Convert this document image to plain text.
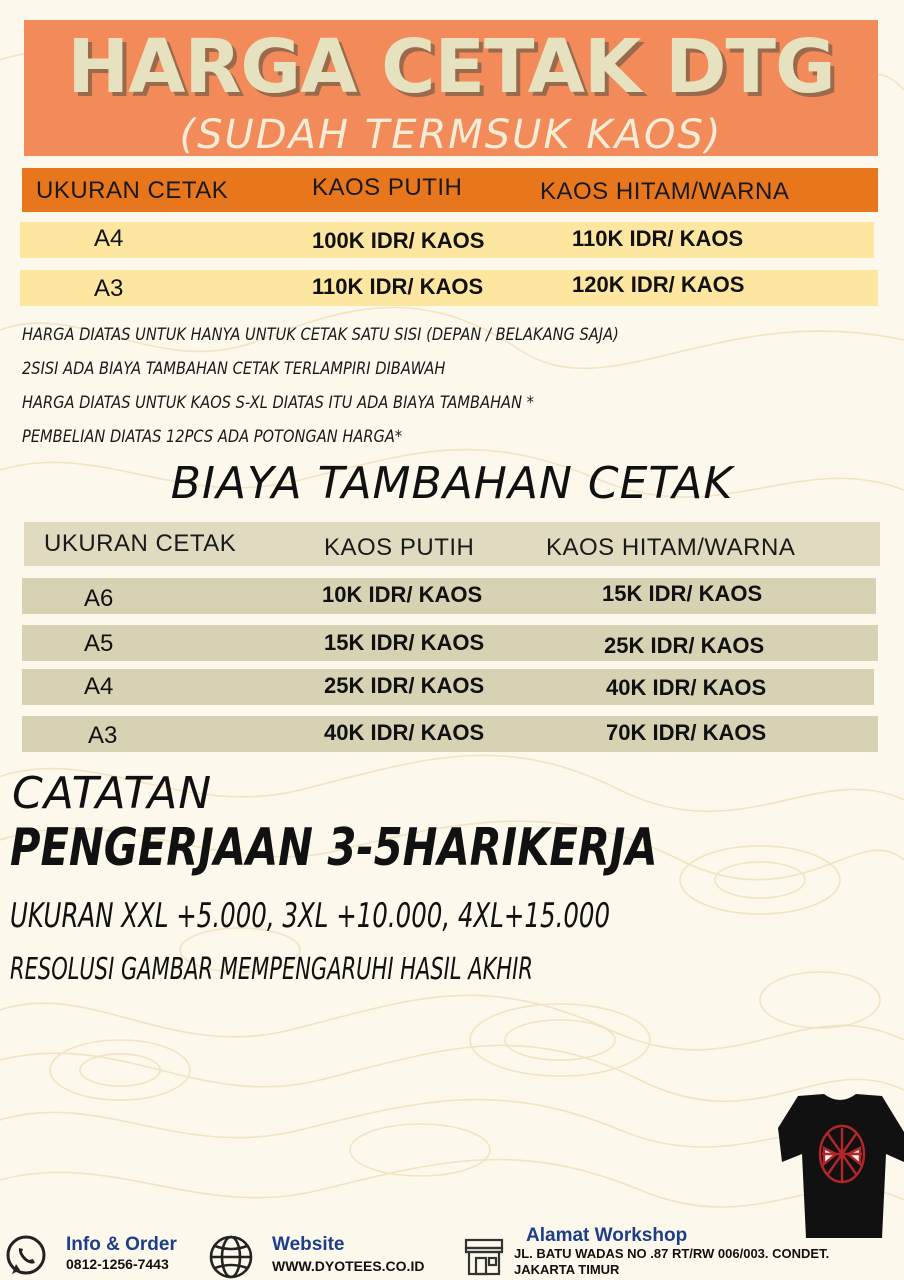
HARGA CETAK DTG
(SUDAH TERMSUK KAOS)
UKURAN CETAK	KAOS PUTIH	KAOS HITAM/WARNA
A4	100K IDR/ KAOS	110K IDR/ KAOS
A3	110K IDR/ KAOS	120K IDR/ KAOS
HARGA DIATAS UNTUK HANYA UNTUK CETAK SATU SISI (DEPAN / BELAKANG SAJA)
2SISI ADA BIAYA TAMBAHAN CETAK TERLAMPIRI DIBAWAH
HARGA DIATAS UNTUK KAOS S-XL DIATAS ITU ADA BIAYA TAMBAHAN *
PEMBELIAN DIATAS 12PCS ADA POTONGAN HARGA*
BIAYA TAMBAHAN CETAK
UKURAN CETAK	KAOS PUTIH	KAOS HITAM/WARNA
A6	10K IDR/ KAOS	15K IDR/ KAOS
A5	15K IDR/ KAOS	25K IDR/ KAOS
A4	25K IDR/ KAOS	40K IDR/ KAOS
A3	40K IDR/ KAOS	70K IDR/ KAOS
CATATAN
PENGERJAAN 3-5HARIKERJA
UKURAN XXL +5.000, 3XL +10.000, 4XL+15.000
RESOLUSI GAMBAR MEMPENGARUHI HASIL AKHIR
Info & Order
0812-1256-7443
Website
WWW.DYOTEES.CO.ID
Alamat Workshop
JL. BATU WADAS NO .87 RT/RW 006/003. CONDET.
JAKARTA TIMUR
